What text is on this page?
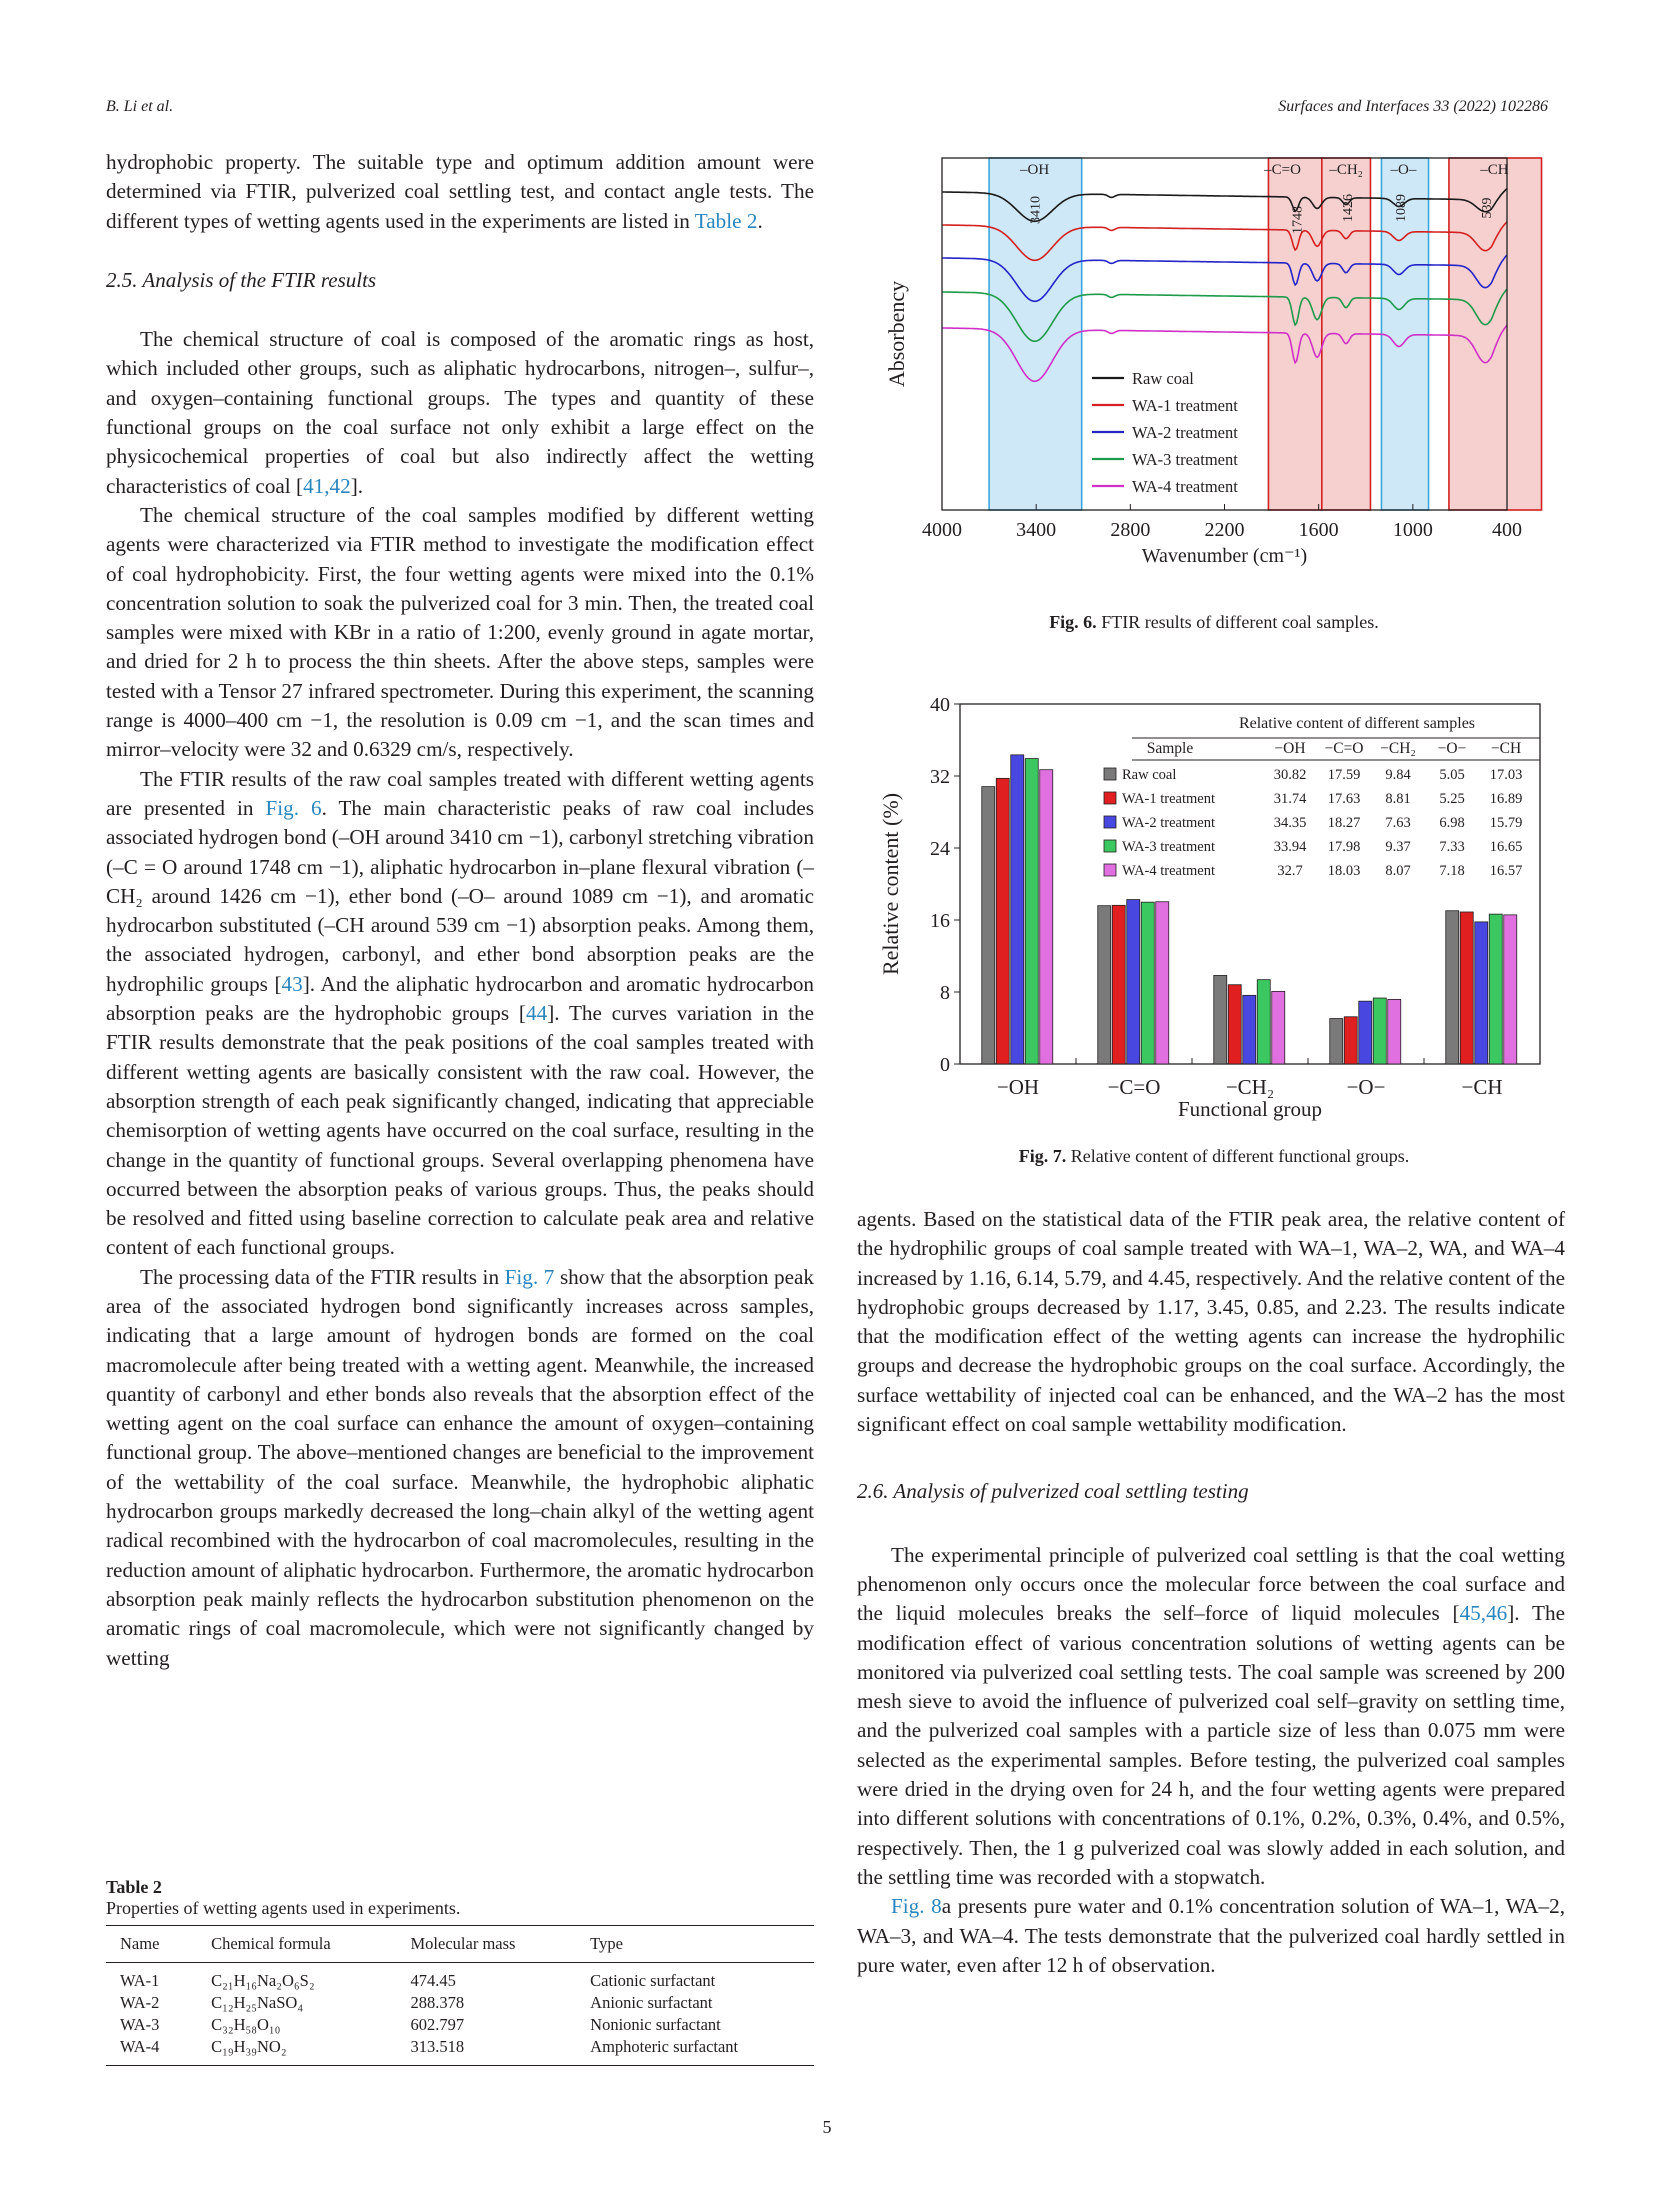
B. Li et al.	Surfaces and Interfaces 33 (2022) 102286

hydrophobic property. The suitable type and optimum addition amount were determined via FTIR, pulverized coal settling test, and contact angle tests. The different types of wetting agents used in the experiments are listed in Table 2.

2.5. Analysis of the FTIR results

The chemical structure of coal is composed of the aromatic rings as host, which included other groups, such as aliphatic hydrocarbons, nitrogen–, sulfur–, and oxygen–containing functional groups. The types and quantity of these functional groups on the coal surface not only exhibit a large effect on the physicochemical properties of coal but also indirectly affect the wetting characteristics of coal [41,42].

The chemical structure of the coal samples modified by different wetting agents were characterized via FTIR method to investigate the modification effect of coal hydrophobicity. First, the four wetting agents were mixed into the 0.1% concentration solution to soak the pulverized coal for 3 min. Then, the treated coal samples were mixed with KBr in a ratio of 1:200, evenly ground in agate mortar, and dried for 2 h to process the thin sheets. After the above steps, samples were tested with a Tensor 27 infrared spectrometer. During this experiment, the scanning range is 4000–400 cm −1, the resolution is 0.09 cm −1, and the scan times and mirror–velocity were 32 and 0.6329 cm/s, respectively.

The FTIR results of the raw coal samples treated with different wetting agents are presented in Fig. 6. The main characteristic peaks of raw coal includes associated hydrogen bond (–OH around 3410 cm −1), carbonyl stretching vibration (–C = O around 1748 cm −1), aliphatic hydrocarbon in–plane flexural vibration (–CH₂ around 1426 cm −1), ether bond (–O– around 1089 cm −1), and aromatic hydrocarbon substituted (–CH around 539 cm −1) absorption peaks. Among them, the associated hydrogen, carbonyl, and ether bond absorption peaks are the hydrophilic groups [43]. And the aliphatic hydrocarbon and aromatic hydrocarbon absorption peaks are the hydrophobic groups [44]. The curves variation in the FTIR results demonstrate that the peak positions of the coal samples treated with different wetting agents are basically consistent with the raw coal. However, the absorption strength of each peak significantly changed, indicating that appreciable chemisorption of wetting agents have occurred on the coal surface, resulting in the change in the quantity of functional groups. Several overlapping phenomena have occurred between the absorption peaks of various groups. Thus, the peaks should be resolved and fitted using baseline correction to calculate peak area and relative content of each functional groups.

The processing data of the FTIR results in Fig. 7 show that the absorption peak area of the associated hydrogen bond significantly increases across samples, indicating that a large amount of hydrogen bonds are formed on the coal macromolecule after being treated with a wetting agent. Meanwhile, the increased quantity of carbonyl and ether bonds also reveals that the absorption effect of the wetting agent on the coal surface can enhance the amount of oxygen–containing functional group. The above–mentioned changes are beneficial to the improvement of the wettability of the coal surface. Meanwhile, the hydrophobic aliphatic hydrocarbon groups markedly decreased the long–chain alkyl of the wetting agent radical recombined with the hydrocarbon of coal macromolecules, resulting in the reduction amount of aliphatic hydrocarbon. Furthermore, the aromatic hydrocarbon absorption peak mainly reflects the hydrocarbon substitution phenomenon on the aromatic rings of coal macromolecule, which were not significantly changed by wetting

Table 2
Properties of wetting agents used in experiments.
Name	Chemical formula	Molecular mass	Type
WA-1	C₂₁H₁₆Na₂O₆S₂	474.45	Cationic surfactant
WA-2	C₁₂H₂₅NaSO₄	288.378	Anionic surfactant
WA-3	C₃₂H₅₈O₁₀	602.797	Nonionic surfactant
WA-4	C₁₉H₃₉NO₂	313.518	Amphoteric surfactant
4000	3400	2800	2200	1600	1000	400
Wavenumber (cm⁻¹)
Absorbency	Raw coal
WA-1 treatment
WA-2 treatment
WA-3 treatment
WA-4 treatment
–OH	–C=O –CH₂ –O–	–CH
3410	1748	1426	1089	539
Fig. 6. FTIR results of different coal samples.
0
8
16
24
32
40
Relative content (%)
Functional group
−OH	−C=O	−CH₂	−O−	−CH
Relative content of different samples
Sample	−OH −C=O −CH₂ −O− −CH
Raw coal	30.82 17.59 9.84 5.05 17.03
WA-1 treatment	31.74 17.63 8.81 5.25 16.89
WA-2 treatment	34.35 18.27 7.63 6.98 15.79
WA-3 treatment	33.94 17.98 9.37 7.33 16.65
WA-4 treatment	32.7 18.03 8.07 7.18 16.57
Fig. 7. Relative content of different functional groups.

agents. Based on the statistical data of the FTIR peak area, the relative content of the hydrophilic groups of coal sample treated with WA–1, WA–2, WA, and WA–4 increased by 1.16, 6.14, 5.79, and 4.45, respectively. And the relative content of the hydrophobic groups decreased by 1.17, 3.45, 0.85, and 2.23. The results indicate that the modification effect of the wetting agents can increase the hydrophilic groups and decrease the hydrophobic groups on the coal surface. Accordingly, the surface wettability of injected coal can be enhanced, and the WA–2 has the most significant effect on coal sample wettability modification.

2.6. Analysis of pulverized coal settling testing

The experimental principle of pulverized coal settling is that the coal wetting phenomenon only occurs once the molecular force between the coal surface and the liquid molecules breaks the self–force of liquid molecules [45,46]. The modification effect of various concentration solutions of wetting agents can be monitored via pulverized coal settling tests. The coal sample was screened by 200 mesh sieve to avoid the influence of pulverized coal self–gravity on settling time, and the pulverized coal samples with a particle size of less than 0.075 mm were selected as the experimental samples. Before testing, the pulverized coal samples were dried in the drying oven for 24 h, and the four wetting agents were prepared into different solutions with concentrations of 0.1%, 0.2%, 0.3%, 0.4%, and 0.5%, respectively. Then, the 1 g pulverized coal was slowly added in each solution, and the settling time was recorded with a stopwatch.

Fig. 8a presents pure water and 0.1% concentration solution of WA–1, WA–2, WA–3, and WA–4. The tests demonstrate that the pulverized coal hardly settled in pure water, even after 12 h of observation.

5
